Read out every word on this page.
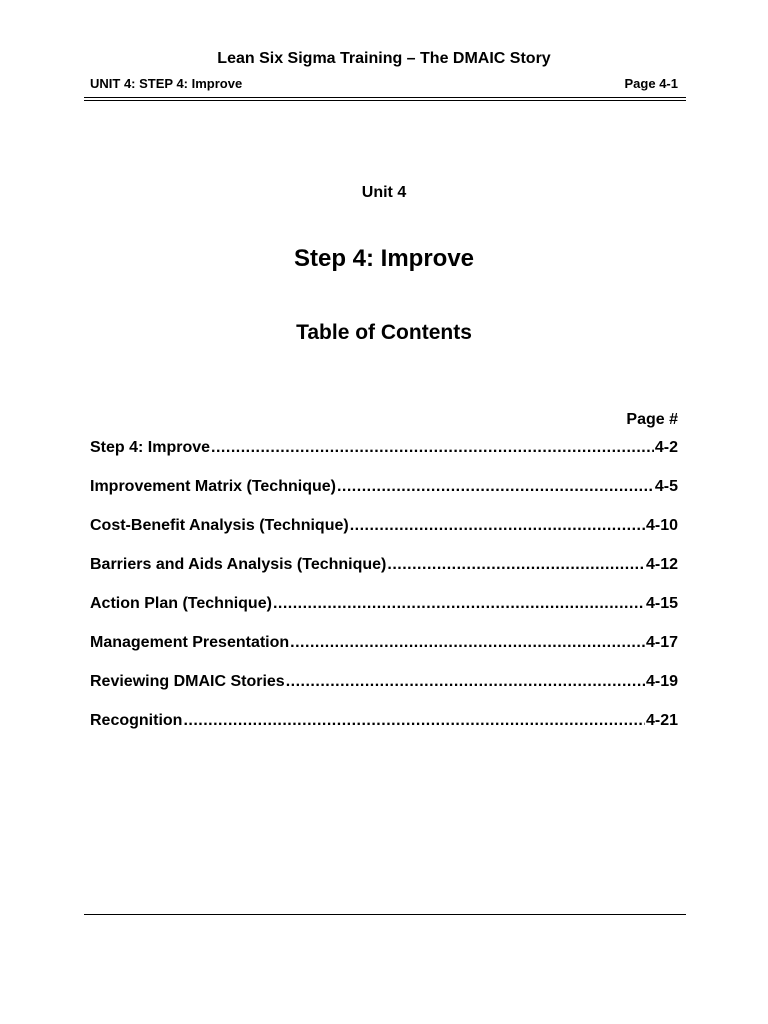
Lean Six Sigma Training – The DMAIC Story
UNIT 4: STEP 4: Improve	Page 4-1
Unit 4
Step 4: Improve
Table of Contents
Page #
Step 4: Improve .....	4-2
Improvement Matrix (Technique) .....	4-5
Cost-Benefit Analysis (Technique) .....	4-10
Barriers and Aids Analysis (Technique) .....	4-12
Action Plan (Technique) .....	4-15
Management Presentation .....	4-17
Reviewing DMAIC Stories .....	4-19
Recognition .....	4-21
